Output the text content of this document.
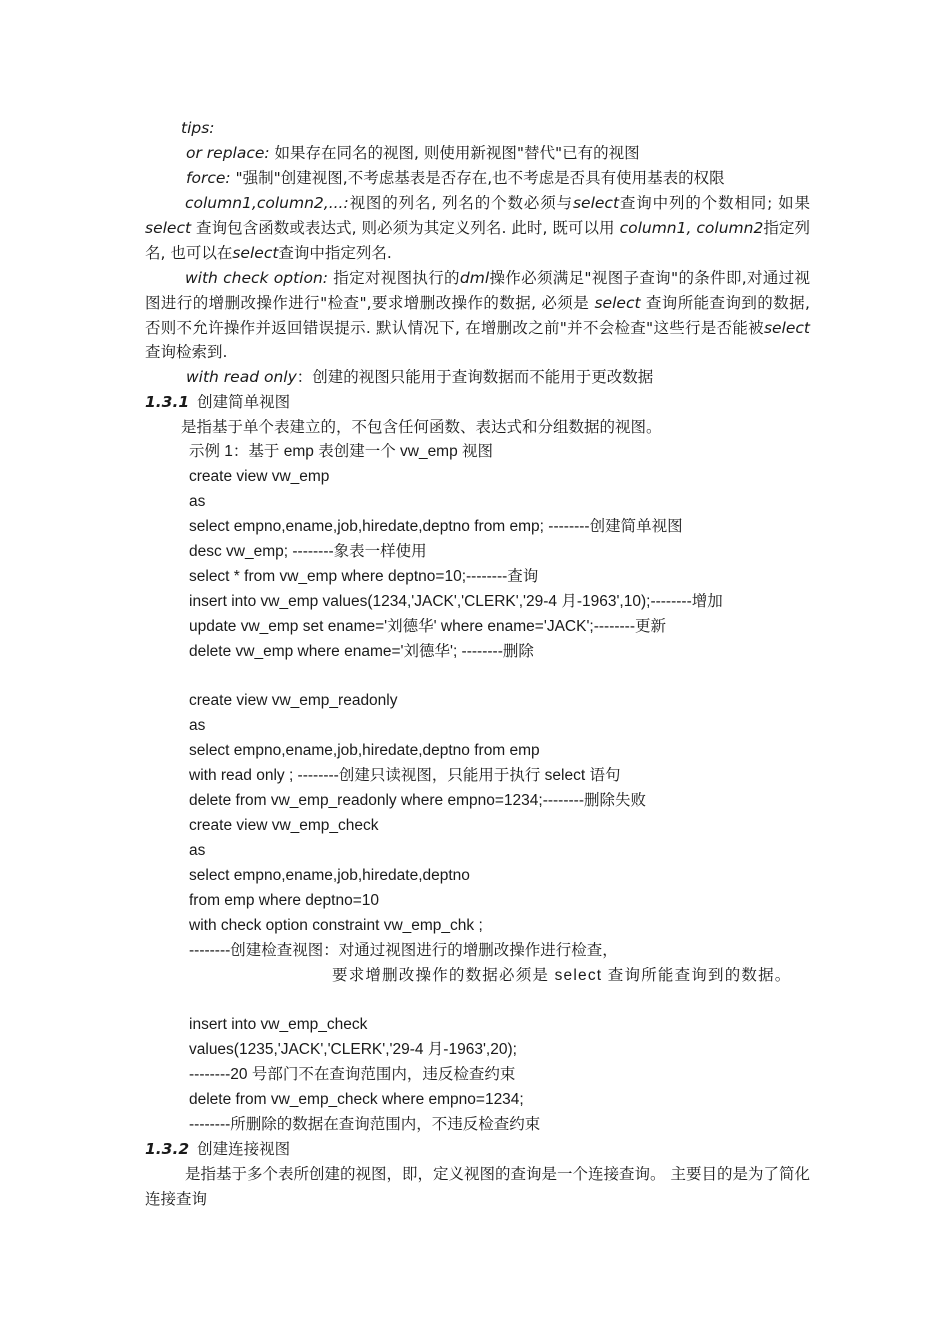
tips:
or replace: 如果存在同名的视图, 则使用新视图"替代"已有的视图
force: "强制"创建视图,不考虑基表是否存在,也不考虑是否具有使用基表的权限
column1,column2,...:视图的列名, 列名的个数必须与select查询中列的个数相同; 如果 select 查询包含函数或表达式, 则必须为其定义列名. 此时, 既可以用 column1, column2指定列名, 也可以在select查询中指定列名.
with check option: 指定对视图执行的dml操作必须满足"视图子查询"的条件即,对通过视图进行的增删改操作进行"检查",要求增删改操作的数据, 必须是 select 查询所能查询到的数据, 否则不允许操作并返回错误提示. 默认情况下, 在增删改之前"并不会检查"这些行是否能被select查询检索到.
with read only：创建的视图只能用于查询数据而不能用于更改数据
1.3.1 创建简单视图
是指基于单个表建立的，不包含任何函数、表达式和分组数据的视图。
示例 1：基于 emp 表创建一个 vw_emp 视图
create view vw_emp
as
select empno,ename,job,hiredate,deptno from emp; --------创建简单视图
desc vw_emp; --------象表一样使用
select * from vw_emp where deptno=10;--------查询
insert into vw_emp values(1234,'JACK','CLERK','29-4 月-1963',10);--------增加
update vw_emp set ename='刘德华' where ename='JACK';--------更新
delete vw_emp where ename='刘德华'; --------删除
create view vw_emp_readonly
as
select empno,ename,job,hiredate,deptno from emp
with read only ; --------创建只读视图，只能用于执行 select 语句
delete from vw_emp_readonly where empno=1234;--------删除失败
create view vw_emp_check
as
select empno,ename,job,hiredate,deptno
from emp where deptno=10
with check option constraint vw_emp_chk ;
--------创建检查视图：对通过视图进行的增删改操作进行检查，
要求增删改操作的数据必须是 select 查询所能查询到的数据。
insert into vw_emp_check
values(1235,'JACK','CLERK','29-4 月-1963',20);
--------20 号部门不在查询范围内，违反检查约束
delete from vw_emp_check where empno=1234;
--------所删除的数据在查询范围内，不违反检查约束
1.3.2 创建连接视图
是指基于多个表所创建的视图，即，定义视图的查询是一个连接查询。 主要目的是为了简化连接查询
